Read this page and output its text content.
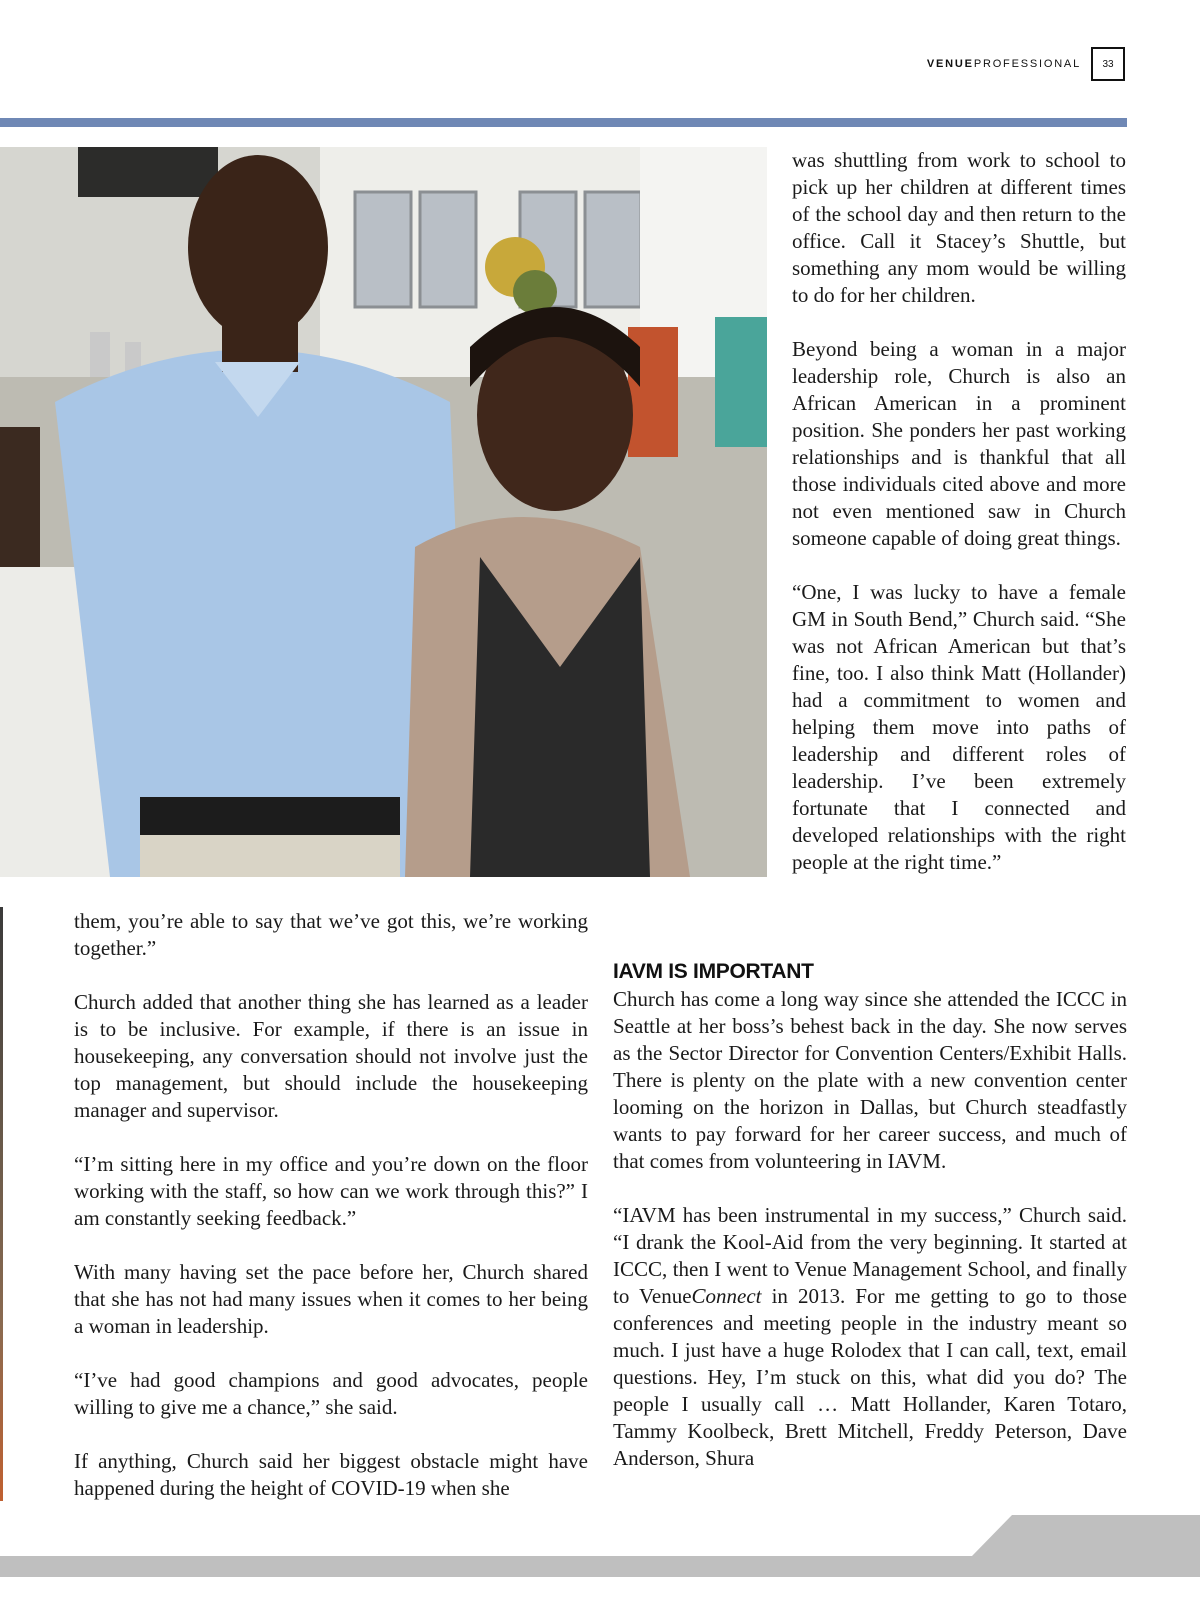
VENUEPROFESSIONAL	33

was shuttling from work to school to pick up her children at different times of the school day and then return to the office. Call it Stacey’s Shuttle, but something any mom would be willing to do for her children.

Beyond being a woman in a major leadership role, Church is also an African American in a prominent position. She ponders her past working relationships and is thankful that all those individuals cited above and more not even mentioned saw in Church someone capable of doing great things.

“One, I was lucky to have a female GM in South Bend,” Church said. “She was not African American but that’s fine, too. I also think Matt (Hollander) had a commitment to women and helping them move into paths of leadership and different roles of leadership. I’ve been extremely fortunate that I connected and developed relationships with the right people at the right time.”

them, you’re able to say that we’ve got this, we’re working together.”

Church added that another thing she has learned as a leader is to be inclusive. For example, if there is an issue in housekeeping, any conversation should not involve just the top management, but should include the housekeeping manager and supervisor.

“I’m sitting here in my office and you’re down on the floor working with the staff, so how can we work through this?” I am constantly seeking feedback.”

With many having set the pace before her, Church shared that she has not had many issues when it comes to her being a woman in leadership.

“I’ve had good champions and good advocates, people willing to give me a chance,” she said.

If anything, Church said her biggest obstacle might have happened during the height of COVID-19 when she

IAVM IS IMPORTANT

Church has come a long way since she attended the ICCC in Seattle at her boss’s behest back in the day. She now serves as the Sector Director for Convention Centers/Exhibit Halls. There is plenty on the plate with a new convention center looming on the horizon in Dallas, but Church steadfastly wants to pay forward for her career success, and much of that comes from volunteering in IAVM.

“IAVM has been instrumental in my success,” Church said. “I drank the Kool-Aid from the very beginning. It started at ICCC, then I went to Venue Management School, and finally to VenueConnect in 2013. For me getting to go to those conferences and meeting people in the industry meant so much. I just have a huge Rolodex that I can call, text, email questions. Hey, I’m stuck on this, what did you do? The people I usually call … Matt Hollander, Karen Totaro, Tammy Koolbeck, Brett Mitchell, Freddy Peterson, Dave Anderson, Shura
